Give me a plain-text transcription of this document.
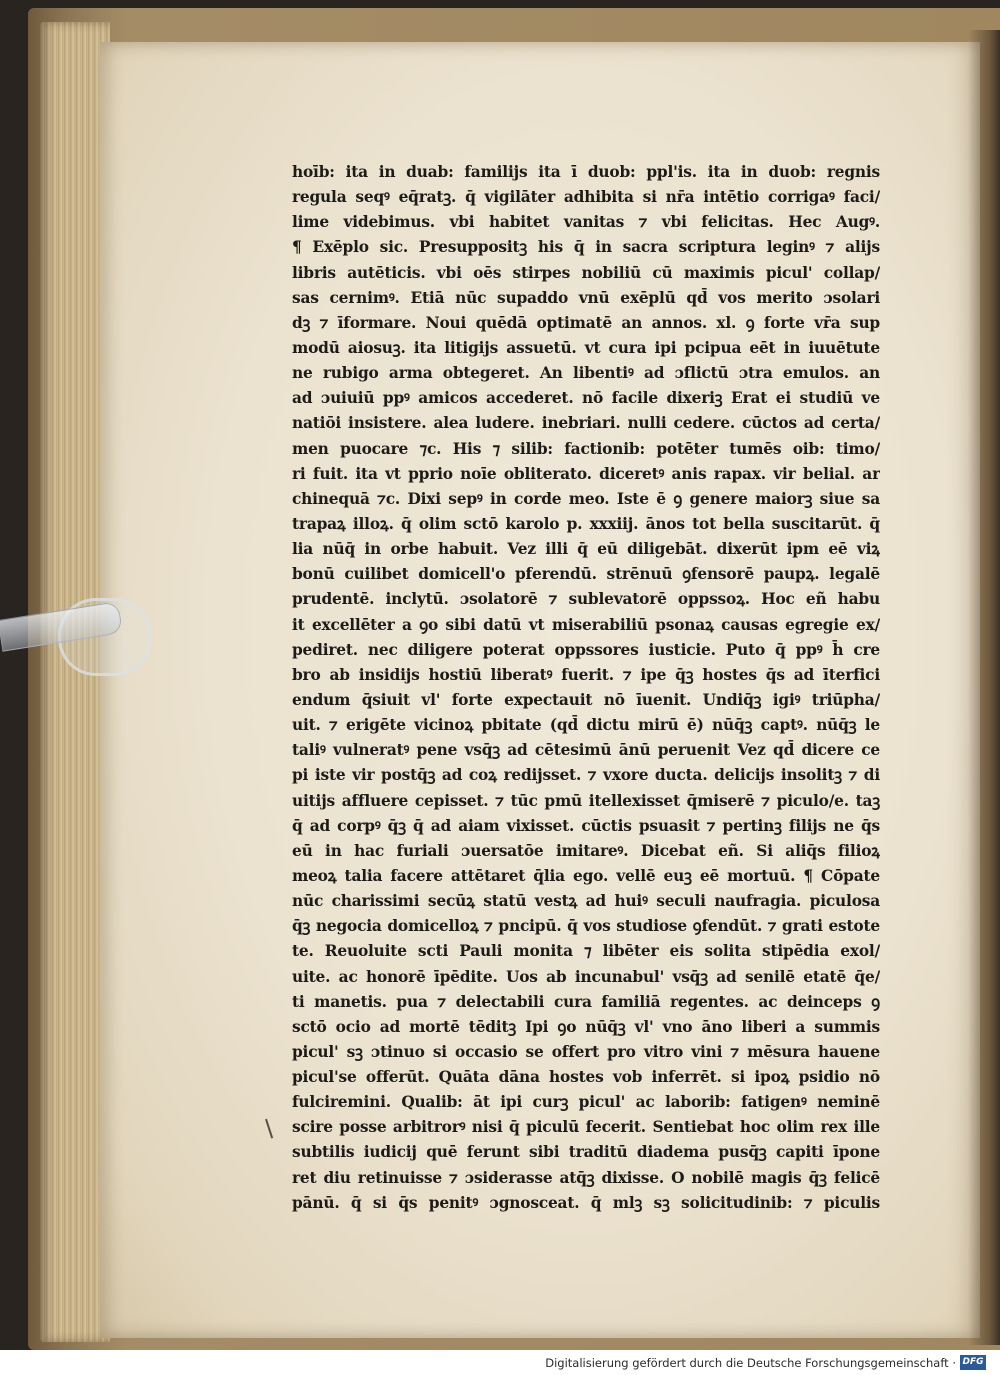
hoīb: ita in duab: familijs ita ī duob: ppl'is. ita in duob: regnis
regula seqꝰ eq̄ratꝫ. q̄ vigilāter adhibita si nr̄a intētio corrigaꝰ faci/
lime videbimus. vbi habitet vanitas ⁊ vbi felicitas. Hec Augꝰ.
¶ Exēplo sic. Presuppositꝫ his q̄ in sacra scriptura leginꝰ ⁊ alijs
libris autēticis. vbi oēs stirpes nobiliū cū maximis picul' collap/
sas cernimꝰ. Etiā nūc supaddo vnū exēplū qd̄ vos merito ɔsolari
dꝫ ⁊ īformare. Noui quēdā optimatē an annos. xl. ꝯ forte vr̄a sup
modū aiosuꝫ. ita litigijs assuetū. vt cura ipi pcipua eēt in iuuētute
ne rubigo arma obtegeret. An libentiꝰ ad ɔflictū ɔtra emulos. an
ad ɔuiuiū ppꝰ amicos accederet. nō facile dixeriꝫ Erat ei studiū ve
natiōi insistere. alea ludere. inebriari. nulli cedere. cūctos ad certa/
men puocare ⁊c. His ⁊ silib: factionib: potēter tumēs oib: timo/
ri fuit. ita vt pprio noīe obliterato. diceretꝰ anis rapax. vir belial. ar
chinequā ⁊c. Dixi sepꝰ in corde meo. Iste ē ꝯ genere maiorꝫ siue sa
trapaꝝ illoꝝ. q̄ olim sctō karolo p. xxxiij. ānos tot bella suscitarūt. q̄
lia nūq̄ in orbe habuit. Vez illi q̄ eū diligebāt. dixerūt ipm eē viꝝ
bonū cuilibet domicell'o pferendū. strēnuū ꝯfensorē paupꝝ. legalē
prudentē. inclytū. ɔsolatorē ⁊ sublevatorē oppssoꝝ. Hoc eñ habu
it excellēter a ꝯo sibi datū vt miserabiliū psonaꝝ causas egregie ex/
pediret. nec diligere poterat oppssores iusticie. Puto q̄ ppꝰ h̄ cre
bro ab insidijs hostiū liberatꝰ fuerit. ⁊ ipe q̄ꝫ hostes q̄s ad īterfici
endum q̄siuit vl' forte expectauit nō īuenit. Undiq̄ꝫ igiꝰ triūpha/
uit. ⁊ erigēte vicinoꝝ pbitate (qd̄ dictu mirū ē) nūq̄ꝫ captꝰ. nūq̄ꝫ le
taliꝰ vulneratꝰ pene vsq̄ꝫ ad cētesimū ānū peruenit Vez qd̄ dicere ce
pi iste vir postq̄ꝫ ad coꝝ redijsset. ⁊ vxore ducta. delicijs insolitꝫ ⁊ di
uitijs affluere cepisset. ⁊ tūc pmū itellexisset q̄miserē ⁊ piculo/e. taꝫ
q̄ ad corpꝰ q̄ꝫ q̄ ad aiam vixisset. cūctis psuasit ⁊ pertinꝫ filijs ne q̄s
eū in hac furiali ɔuersatōe imitareꝰ. Dicebat eñ. Si aliq̄s filioꝝ
meoꝝ talia facere attētaret q̄lia ego. vellē euꝫ eē mortuū. ¶ Cōpate
nūc charissimi secūꝝ statū vestꝝ ad huiꝰ seculi naufragia. piculosa
q̄ꝫ negocia domicelloꝝ ⁊ pncipū. q̄ vos studiose ꝯfendūt. ⁊ grati estote
te. Reuoluite scti Pauli monita ⁊ libēter eis solita stipēdia exol/
uite. ac honorē īpēdite. Uos ab incunabul' vsq̄ꝫ ad senilē etatē q̄e/
ti manetis. pua ⁊ delectabili cura familiā regentes. ac deinceps ꝯ
sctō ocio ad mortē tēditꝫ Ipi ꝯo nūq̄ꝫ vl' vno āno liberi a summis
picul' sꝫ ɔtinuo si occasio se offert pro vitro vini ⁊ mēsura hauene
picul'se offerūt. Quāta dāna hostes vob inferrēt. si ipoꝝ psidio nō
fulciremini. Qualib: āt ipi curꝫ picul' ac laborib: fatigenꝰ neminē
scire posse arbitrorꝰ nisi q̄ piculū fecerit. Sentiebat hoc olim rex ille
subtilis iudicij quē ferunt sibi traditū diadema pusq̄ꝫ capiti īpone
ret diu retinuisse ⁊ ɔsiderasse atq̄ꝫ dixisse. O nobilē magis q̄ꝫ felicē
pānū. q̄ si q̄s penitꝰ ɔgnosceat. q̄ mlꝫ sꝫ solicitudinib: ⁊ piculis
Digitalisierung gefördert durch die Deutsche Forschungsgemeinschaft · DFG
